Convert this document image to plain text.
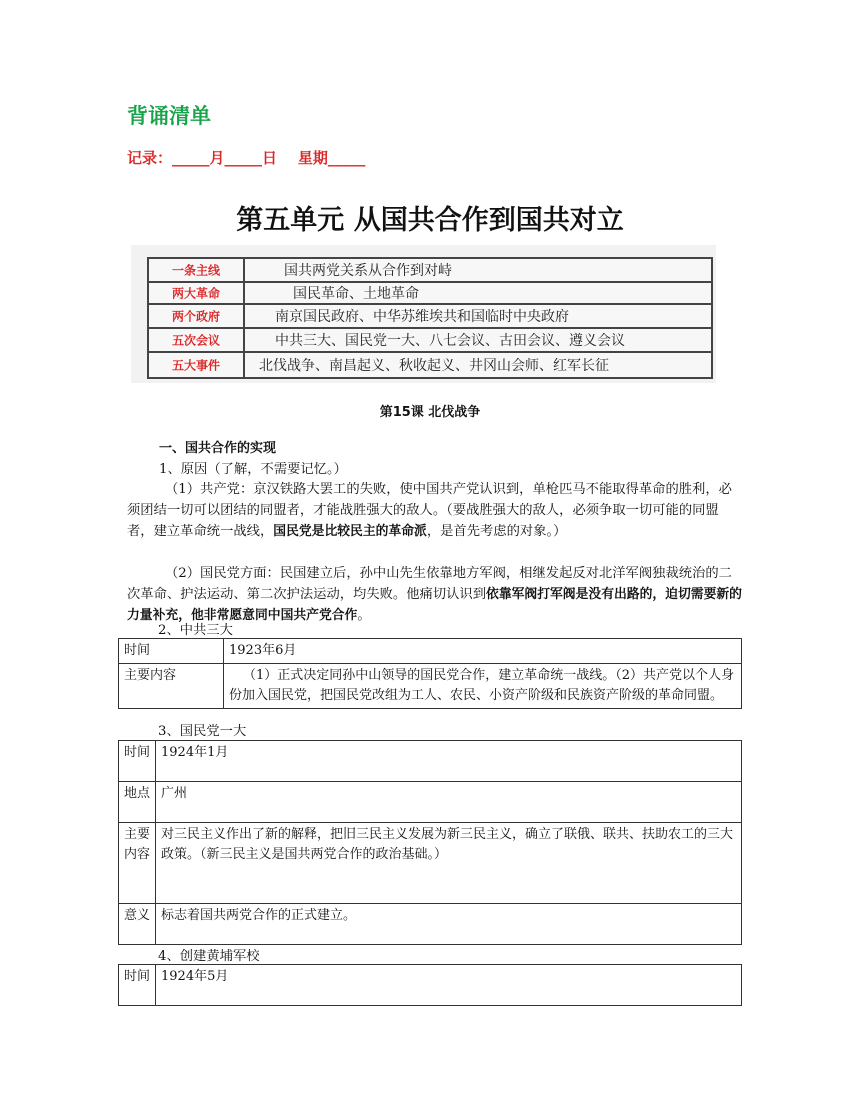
背诵清单
记录：_____月_____日    星期_____
第五单元 从国共合作到国共对立
一条主线	国共两党关系从合作到对峙
两大革命	国民革命、土地革命
两个政府	南京国民政府、中华苏维埃共和国临时中央政府
五次会议	中共三大、国民党一大、八七会议、古田会议、遵义会议
五大事件	北伐战争、南昌起义、秋收起义、井冈山会师、红军长征
第15课 北伐战争
一、国共合作的实现
1、原因（了解，不需要记忆。）

（1）共产党：京汉铁路大罢工的失败，使中国共产党认识到，单枪匹马不能取得革命的胜利，必须团结一切可以团结的同盟者，才能战胜强大的敌人。（要战胜强大的敌人，必须争取一切可能的同盟者，建立革命统一战线，国民党是比较民主的革命派，是首先考虑的对象。）

（2）国民党方面：民国建立后，孙中山先生依靠地方军阀，相继发起反对北洋军阀独裁统治的二次革命、护法运动、第二次护法运动，均失败。他痛切认识到依靠军阀打军阀是没有出路的，迫切需要新的力量补充，他非常愿意同中国共产党合作。

2、中共三大
时间	1923年6月
主要内容	（1）正式决定同孙中山领导的国民党合作，建立革命统一战线。（2）共产党以个人身份加入国民党，把国民党改组为工人、农民、小资产阶级和民族资产阶级的革命同盟。
3、国民党一大
时间	1924年1月
地点	广州
主要内容	对三民主义作出了新的解释，把旧三民主义发展为新三民主义，确立了联俄、联共、扶助农工的三大政策。（新三民主义是国共两党合作的政治基础。）
意义	标志着国共两党合作的正式建立。
4、创建黄埔军校
时间	1924年5月
